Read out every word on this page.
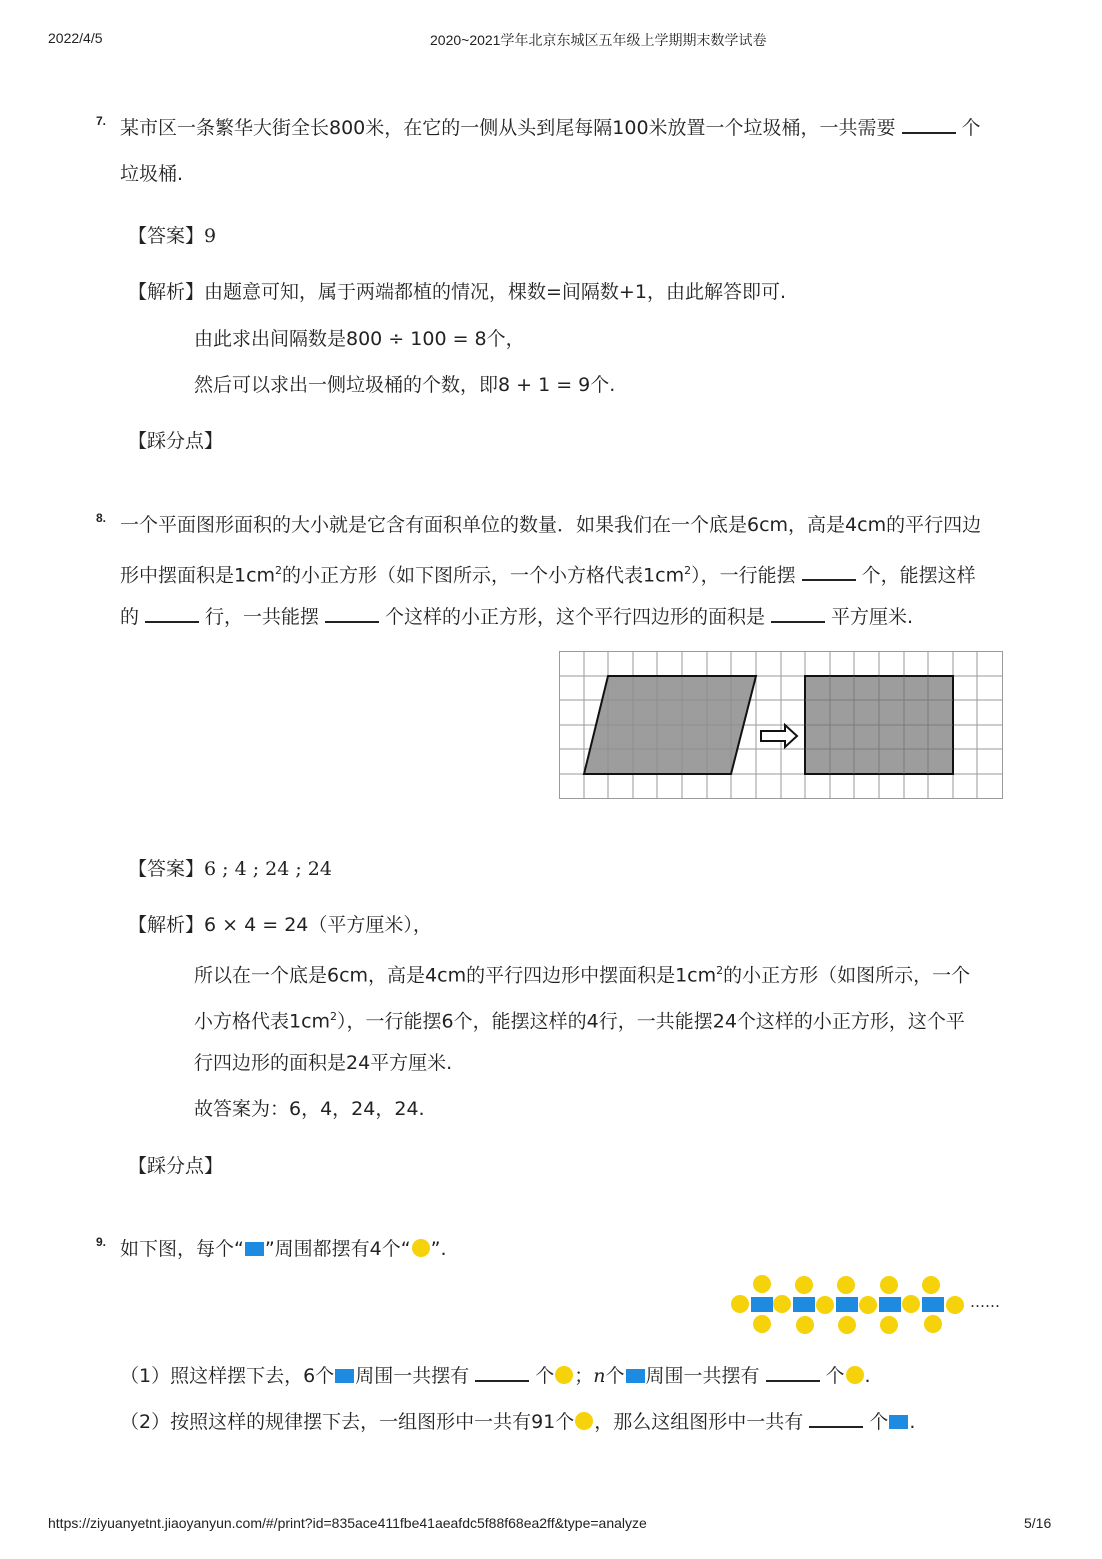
2022/4/5	2020~2021学年北京东城区五年级上学期期末数学试卷
7. 某市区一条繁华大街全长800米，在它的一侧从头到尾每隔100米放置一个垃圾桶，一共需要	个
垃圾桶.
【答案】9
【解析】由题意可知，属于两端都植的情况，棵数=间隔数+1，由此解答即可.
由此求出间隔数是800 ÷ 100 = 8个，
然后可以求出一侧垃圾桶的个数，即8 + 1 = 9个.
【踩分点】
8. 一个平面图形面积的大小就是它含有面积单位的数量．如果我们在一个底是6cm，高是4cm的平行四边
形中摆面积是$1cm^2$的小正方形（如下图所示，一个小方格代表$1cm^2$），一行能摆	个，能摆这样
的	行，一共能摆	个这样的小正方形，这个平行四边形的面积是	平方厘米.
【答案】6 ; 4 ; 24 ; 24
【解析】6 × 4 = 24（平方厘米），
所以在一个底是6cm，高是4cm的平行四边形中摆面积是$1cm^2$的小正方形（如图所示，一个
小方格代表$1cm^2$），一行能摆6个，能摆这样的4行，一共能摆24个这样的小正方形，这个平
行四边形的面积是24平方厘米.
故答案为：6，4，24，24.
【踩分点】
9. 如下图，每个“ ”周围都摆有4个“ ”.
……
（1）照这样摆下去，6个 周围一共摆有	个 ；n个 周围一共摆有	个 .
（2）按照这样的规律摆下去，一组图形中一共有91个 ，那么这组图形中一共有	个 .
https://ziyuanyetnt.jiaoyanyun.com/#/print?id=835ace411fbe41aeafdc5f88f68ea2ff&type=analyze	5/16
